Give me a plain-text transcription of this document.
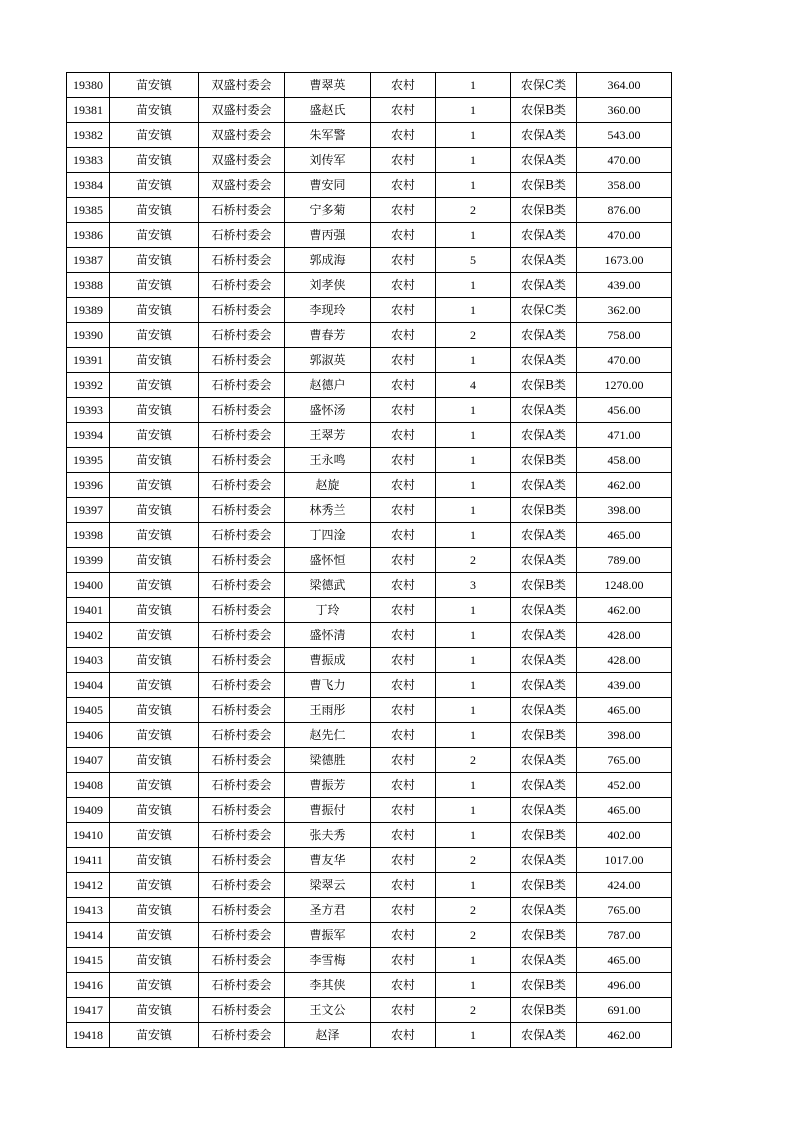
19380	苗安镇	双盛村委会	曹翠英	农村	1	农保C类	364.00
19381	苗安镇	双盛村委会	盛赵氏	农村	1	农保B类	360.00
19382	苗安镇	双盛村委会	朱军警	农村	1	农保A类	543.00
19383	苗安镇	双盛村委会	刘传军	农村	1	农保A类	470.00
19384	苗安镇	双盛村委会	曹安同	农村	1	农保B类	358.00
19385	苗安镇	石桥村委会	宁多菊	农村	2	农保B类	876.00
19386	苗安镇	石桥村委会	曹丙强	农村	1	农保A类	470.00
19387	苗安镇	石桥村委会	郭成海	农村	5	农保A类	1673.00
19388	苗安镇	石桥村委会	刘孝侠	农村	1	农保A类	439.00
19389	苗安镇	石桥村委会	李现玲	农村	1	农保C类	362.00
19390	苗安镇	石桥村委会	曹春芳	农村	2	农保A类	758.00
19391	苗安镇	石桥村委会	郭淑英	农村	1	农保A类	470.00
19392	苗安镇	石桥村委会	赵德户	农村	4	农保B类	1270.00
19393	苗安镇	石桥村委会	盛怀汤	农村	1	农保A类	456.00
19394	苗安镇	石桥村委会	王翠芳	农村	1	农保A类	471.00
19395	苗安镇	石桥村委会	王永鸣	农村	1	农保B类	458.00
19396	苗安镇	石桥村委会	赵旋	农村	1	农保A类	462.00
19397	苗安镇	石桥村委会	林秀兰	农村	1	农保B类	398.00
19398	苗安镇	石桥村委会	丁四淦	农村	1	农保A类	465.00
19399	苗安镇	石桥村委会	盛怀恒	农村	2	农保A类	789.00
19400	苗安镇	石桥村委会	梁德武	农村	3	农保B类	1248.00
19401	苗安镇	石桥村委会	丁玲	农村	1	农保A类	462.00
19402	苗安镇	石桥村委会	盛怀清	农村	1	农保A类	428.00
19403	苗安镇	石桥村委会	曹振成	农村	1	农保A类	428.00
19404	苗安镇	石桥村委会	曹飞力	农村	1	农保A类	439.00
19405	苗安镇	石桥村委会	王雨彤	农村	1	农保A类	465.00
19406	苗安镇	石桥村委会	赵先仁	农村	1	农保B类	398.00
19407	苗安镇	石桥村委会	梁德胜	农村	2	农保A类	765.00
19408	苗安镇	石桥村委会	曹振芳	农村	1	农保A类	452.00
19409	苗安镇	石桥村委会	曹振付	农村	1	农保A类	465.00
19410	苗安镇	石桥村委会	张夫秀	农村	1	农保B类	402.00
19411	苗安镇	石桥村委会	曹友华	农村	2	农保A类	1017.00
19412	苗安镇	石桥村委会	梁翠云	农村	1	农保B类	424.00
19413	苗安镇	石桥村委会	圣方君	农村	2	农保A类	765.00
19414	苗安镇	石桥村委会	曹振军	农村	2	农保B类	787.00
19415	苗安镇	石桥村委会	李雪梅	农村	1	农保A类	465.00
19416	苗安镇	石桥村委会	李其侠	农村	1	农保B类	496.00
19417	苗安镇	石桥村委会	王文公	农村	2	农保B类	691.00
19418	苗安镇	石桥村委会	赵泽	农村	1	农保A类	462.00
